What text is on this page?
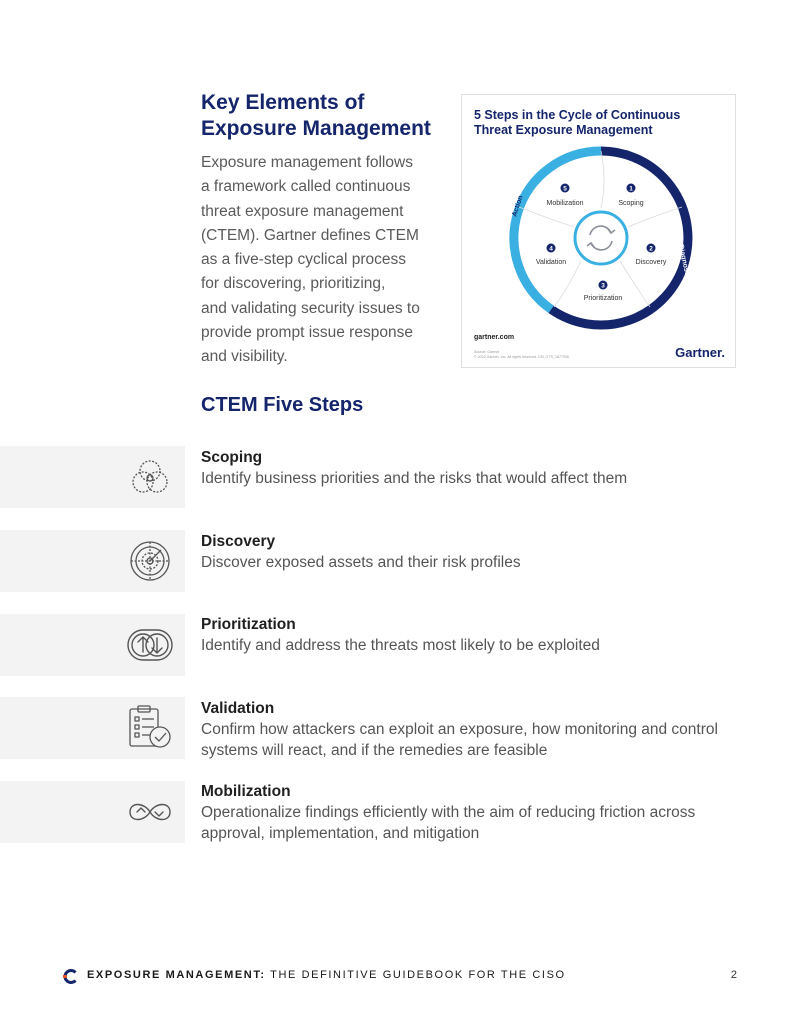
Key Elements of
Exposure Management

Exposure management follows
a framework called continuous
threat exposure management
(CTEM). Gartner defines CTEM
as a five-step cyclical process
for discovering, prioritizing,
and validating security issues to
provide prompt issue response
and visibility.

5 Steps in the Cycle of Continuous
Threat Exposure Management
Action
Diagnose
1
Scoping
2
Discovery
3
Prioritization
4
Validation
5
Mobilization
gartner.com
Source: Gartner
© 2022 Gartner, Inc. All rights reserved. CM_GTS_1877926	Gartner.
CTEM Five Steps

Scoping

Identify business priorities and the risks that would affect them

Discovery

Discover exposed assets and their risk profiles

Prioritization

Identify and address the threats most likely to be exploited

Validation

Confirm how attackers can exploit an exposure, how monitoring and control

systems will react, and if the remedies are feasible

Mobilization

Operationalize findings efficiently with the aim of reducing friction across

approval, implementation, and mitigation

EXPOSURE MANAGEMENT: THE DEFINITIVE GUIDEBOOK FOR THE CISO	2
